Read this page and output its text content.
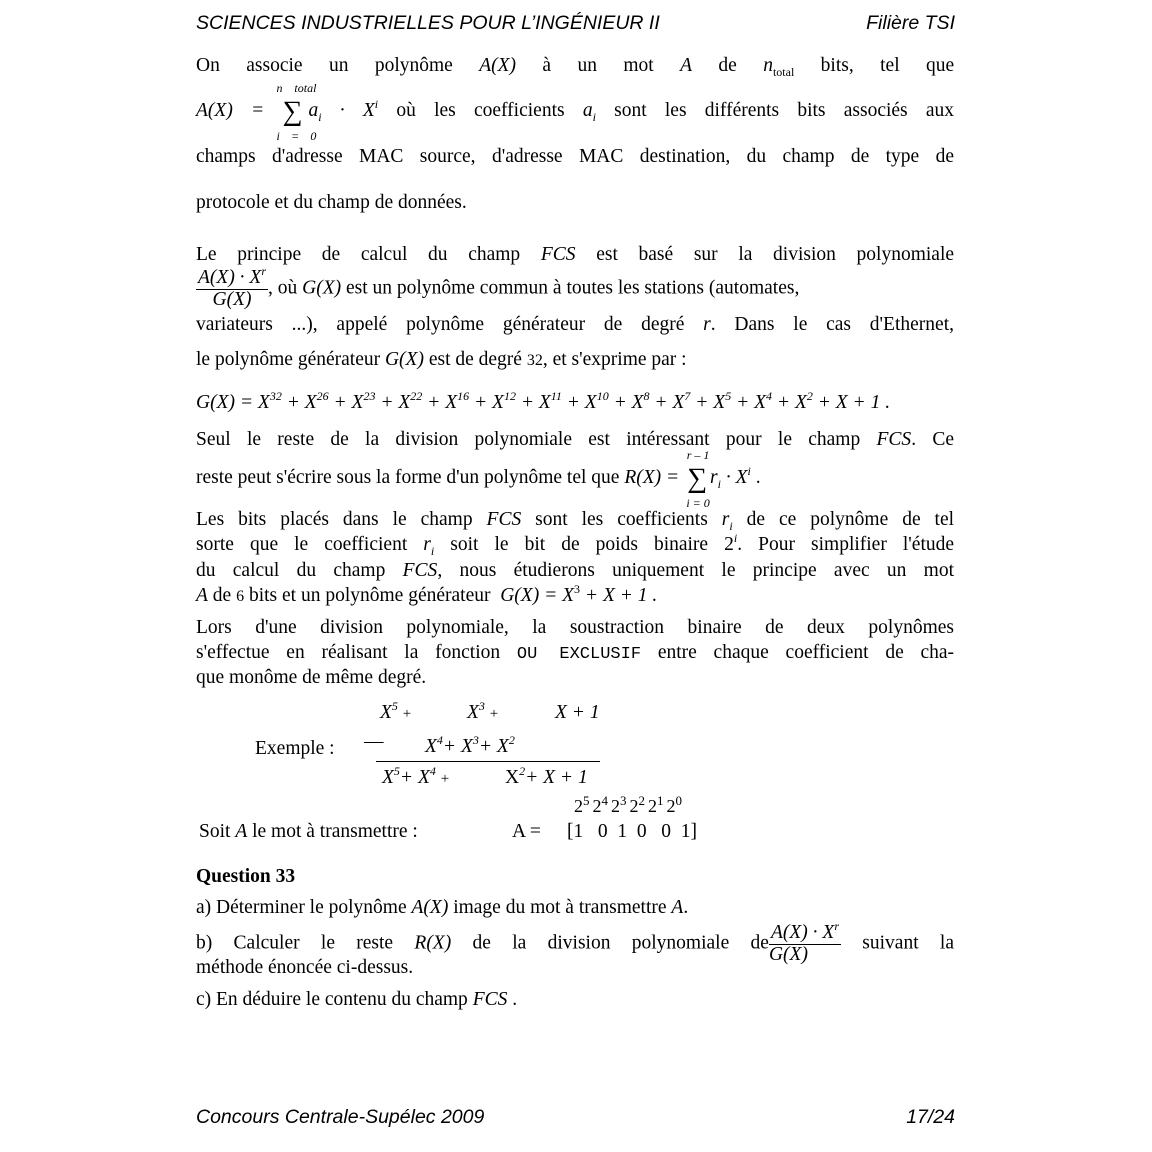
SCIENCES INDUSTRIELLES POUR L’INGÉNIEUR II	Filière TSI
On associe un polynôme A(X) à un mot A de $n_{total}$ bits, tel que
A(X) = ∑
n total
i = 0
$a_i \cdot X^i$ où les coefficients $a_i$ sont les différents bits associés aux
champs d'adresse MAC source, d'adresse MAC destination, du champ de type de
protocole et du champ de données.
Le principe de calcul du champ FCS est basé sur la division polynomiale
$\frac{A(X) \cdot X^r}{G(X)}$ , où G(X) est un polynôme commun à toutes les stations (automates,
variateurs ...), appelé polynôme générateur de degré r. Dans le cas d'Ethernet,
le polynôme générateur G(X) est de degré 32, et s'exprime par :
$G(X) = X^{32} + X^{26} + X^{23} + X^{22} + X^{16} + X^{12} + X^{11} + X^{10} + X^8 + X^7 + X^5 + X^4 + X^2 + X + 1$ .
Seul le reste de la division polynomiale est intéressant pour le champ FCS. Ce
reste peut s'écrire sous la forme d'un polynôme tel que R(X) = ∑
r – 1
i = 0
$r_i \cdot X^i$ .
Les bits placés dans le champ FCS sont les coefficients $r_i$ de ce polynôme de tel
sorte que le coefficient $r_i$ soit le bit de poids binaire 2$^i$. Pour simplifier l'étude
du calcul du champ FCS, nous étudierons uniquement le principe avec un mot
A de 6 bits et un polynôme générateur $G(X) = X^3 + X + 1$ .
Lors d'une division polynomiale, la soustraction binaire de deux polynômes
s'effectue en réalisant la fonction OU EXCLUSIF entre chaque coefficient de cha-
que monôme de même degré.
Exemple : —
$X^5$ +	$X^3$ +	X + 1
$X^4+ X^3+ X^2$
$X^5+ X^4$ +	$X^2+ X + 1$
$2^5$ $2^4$ $2^3$ $2^2$ $2^1$ $2^0$
Soit A le mot à transmettre :	A = [1   0  1  0   0  1]
Question 33
a) Déterminer le polynôme A(X) image du mot à transmettre A.
b) Calculer le reste R(X) de la division polynomiale de $\frac{A(X) \cdot X^r}{G(X)}$ suivant la
méthode énoncée ci-dessus.
c) En déduire le contenu du champ FCS .
Concours Centrale-Supélec 2009	17/24
